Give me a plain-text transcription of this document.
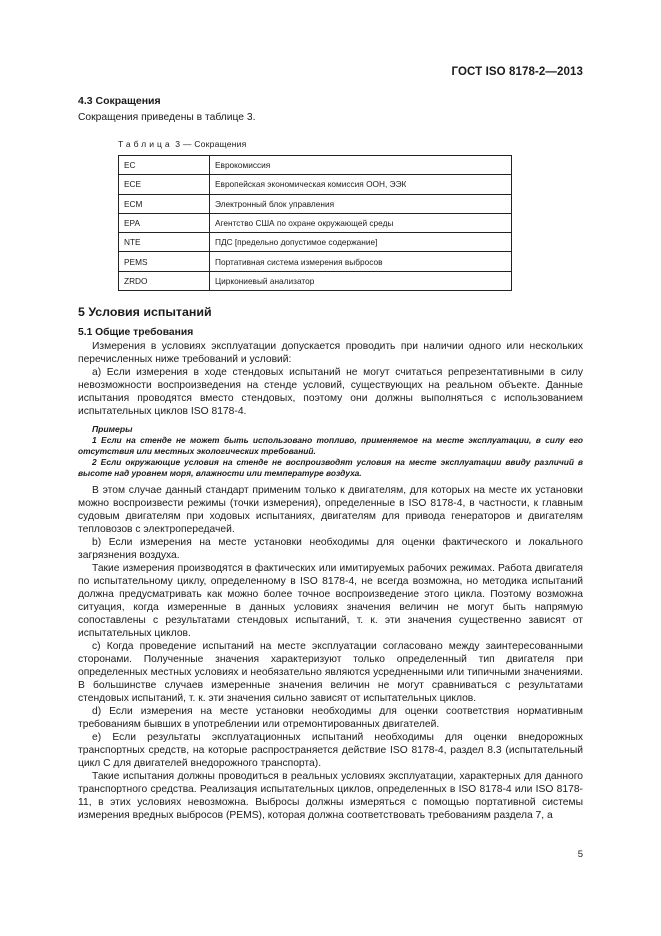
ГОСТ ISO 8178-2—2013
4.3 Сокращения
Сокращения приведены в таблице 3.
Таблица 3 — Сокращения
EC	Еврокомиссия
ECE	Европейская экономическая комиссия ООН, ЭЭК
ECM	Электронный блок управления
EPA	Агентство США по охране окружающей среды
NTE	ПДС [предельно допустимое содержание]
PEMS	Портативная система измерения выбросов
ZRDO	Циркониевый анализатор
5 Условия испытаний
5.1 Общие требования

Измерения в условиях эксплуатации допускается проводить при наличии одного или нескольких перечисленных ниже требований и условий:

а) Если измерения в ходе стендовых испытаний не могут считаться репрезентативными в силу невозможности воспроизведения на стенде условий, существующих на реальном объекте. Данные испытания проводятся вместо стендовых, поэтому они должны выполняться с использованием испытательных циклов ISO 8178-4.

Примеры

1 Если на стенде не может быть использовано топливо, применяемое на месте эксплуатации, в силу его отсутствия или местных экологических требований.

2 Если окружающие условия на стенде не воспроизводят условия на месте эксплуатации ввиду различий в высоте над уровнем моря, влажности или температуре воздуха.

В этом случае данный стандарт применим только к двигателям, для которых на месте их установки можно воспроизвести режимы (точки измерения), определенные в ISO 8178-4, в частности, к главным судовым двигателям при ходовых испытаниях, двигателям для привода генераторов и двигателям тепловозов с электропередачей.

b) Если измерения на месте установки необходимы для оценки фактического и локального загрязнения воздуха.

Такие измерения производятся в фактических или имитируемых рабочих режимах. Работа двигателя по испытательному циклу, определенному в ISO 8178-4, не всегда возможна, но методика испытаний должна предусматривать как можно более точное воспроизведение этого цикла. Поэтому возможна ситуация, когда измеренные в данных условиях значения величин не могут быть напрямую сопоставлены с результатами стендовых испытаний, т. к. эти значения существенно зависят от испытательных циклов.

с) Когда проведение испытаний на месте эксплуатации согласовано между заинтересованными сторонами. Полученные значения характеризуют только определенный тип двигателя при определенных местных условиях и необязательно являются усредненными или типичными значениями. В большинстве случаев измеренные значения величин не могут сравниваться с результатами стендовых испытаний, т. к. эти значения сильно зависят от испытательных циклов.

d) Если измерения на месте установки необходимы для оценки соответствия нормативным требованиям бывших в употреблении или отремонтированных двигателей.

е) Если результаты эксплуатационных испытаний необходимы для оценки внедорожных транспортных средств, на которые распространяется действие ISO 8178-4, раздел 8.3 (испытательный цикл С для двигателей внедорожного транспорта).

Такие испытания должны проводиться в реальных условиях эксплуатации, характерных для данного транспортного средства. Реализация испытательных циклов, определенных в ISO 8178-4 или ISO 8178-11, в этих условиях невозможна. Выбросы должны измеряться с помощью портативной системы измерения вредных выбросов (PEMS), которая должна соответствовать требованиям раздела 7, а

5
